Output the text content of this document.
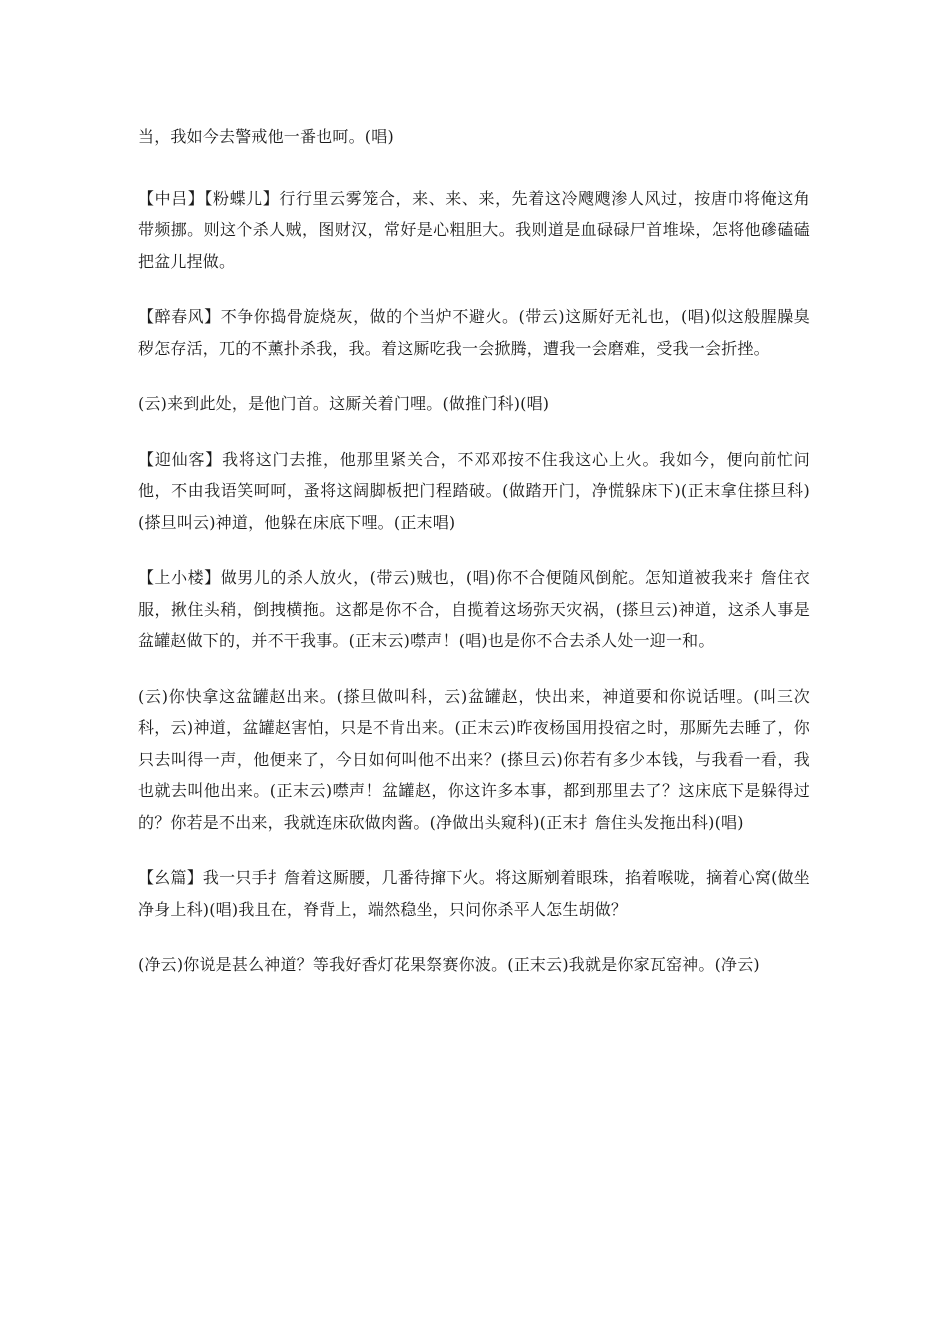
当，我如今去警戒他一番也呵。(唱)

【中吕】【粉蝶儿】行行里云雾笼合，来、来、来，先着这冷飕飕渗人风过，按唐巾将俺这角带频挪。则这个杀人贼，图财汉，常好是心粗胆大。我则道是血碌碌尸首堆垛，怎将他磣磕磕把盆儿捏做。

【醉春风】不争你捣骨旋烧灰，做的个当炉不避火。(带云)这厮好无礼也，(唱)似这般腥臊臭秽怎存活，兀的不薰扑杀我，我。着这厮吃我一会掀腾，遭我一会磨难，受我一会折挫。

(云)来到此处，是他门首。这厮关着门哩。(做推门科)(唱)

【迎仙客】我将这门去推，他那里紧关合，不邓邓按不住我这心上火。我如今，便向前忙问他，不由我语笑呵呵，蚤将这阔脚板把门程踏破。(做踏开门，净慌躲床下)(正末拿住搽旦科)(搽旦叫云)神道，他躲在床底下哩。(正末唱)

【上小楼】做男儿的杀人放火，(带云)贼也，(唱)你不合便随风倒舵。怎知道被我来扌詹住衣服，揪住头稍，倒拽横拖。这都是你不合，自揽着这场弥天灾祸，(搽旦云)神道，这杀人事是盆罐赵做下的，并不干我事。(正末云)噤声！(唱)也是你不合去杀人处一迎一和。

(云)你快拿这盆罐赵出来。(搽旦做叫科，云)盆罐赵，快出来，神道要和你说话哩。(叫三次科，云)神道，盆罐赵害怕，只是不肯出来。(正末云)昨夜杨国用投宿之时，那厮先去睡了，你只去叫得一声，他便来了，今日如何叫他不出来？(搽旦云)你若有多少本钱，与我看一看，我也就去叫他出来。(正末云)噤声！盆罐赵，你这许多本事，都到那里去了？这床底下是躲得过的？你若是不出来，我就连床砍做肉酱。(净做出头窥科)(正末扌詹住头发拖出科)(唱)

【幺篇】我一只手扌詹着这厮腰，几番待撺下火。将这厮剜着眼珠，掐着喉咙，摘着心窝(做坐净身上科)(唱)我且在，脊背上，端然稳坐，只问你杀平人怎生胡做？

(净云)你说是甚么神道？等我好香灯花果祭赛你波。(正末云)我就是你家瓦窑神。(净云)
